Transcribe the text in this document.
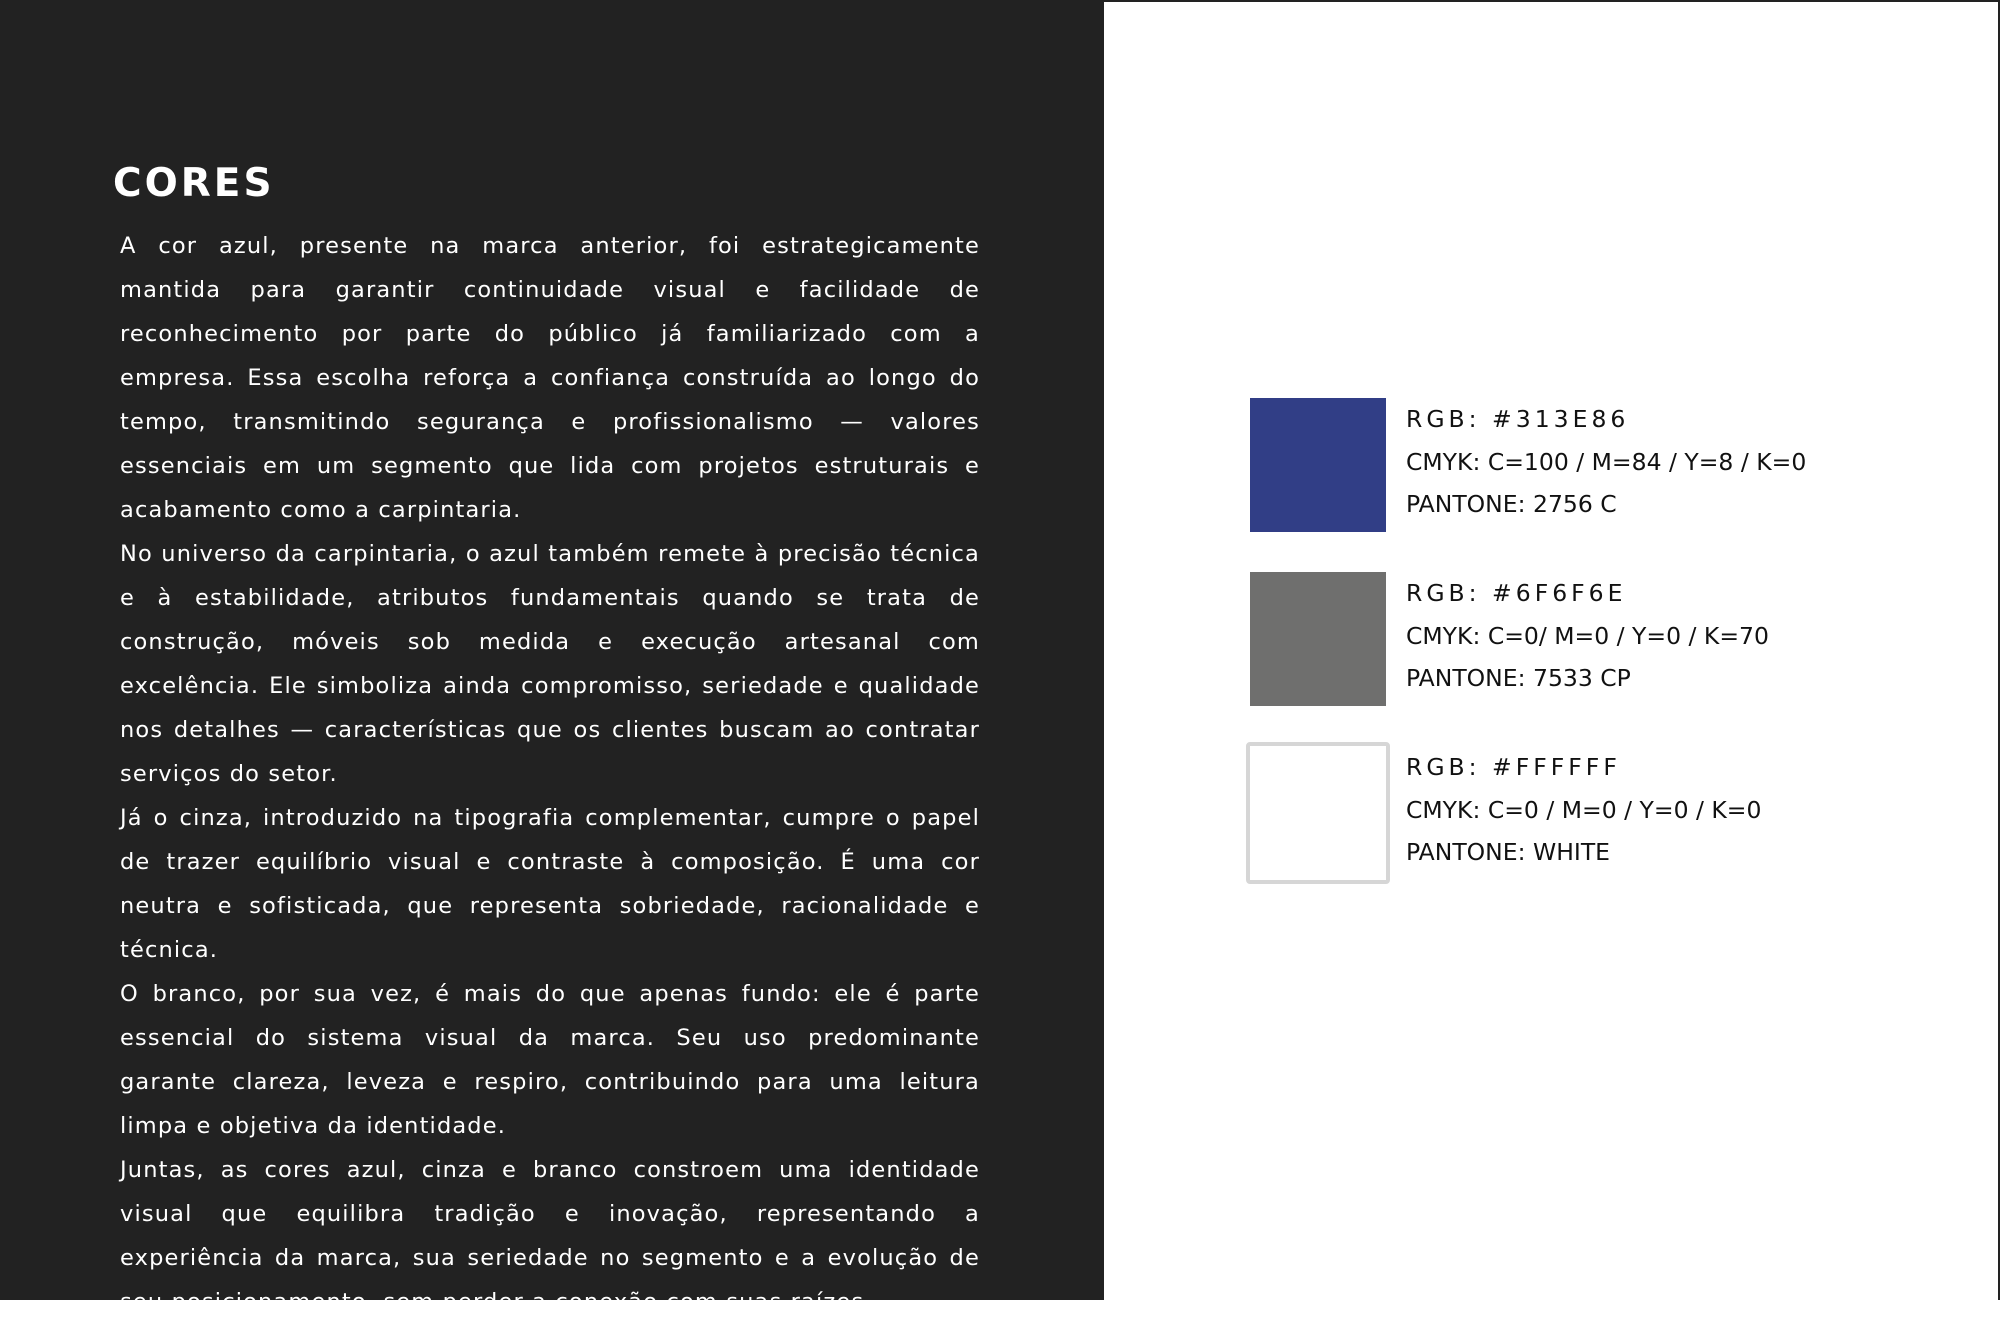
CORES

A cor azul, presente na marca anterior, foi estrategicamente mantida para garantir continuidade visual e facilidade de reconhecimento por parte do público já familiarizado com a empresa. Essa escolha reforça a confiança construída ao longo do tempo, transmitindo segurança e profissionalismo — valores essenciais em um segmento que lida com projetos estruturais e acabamento como a carpintaria.

No universo da carpintaria, o azul também remete à precisão técnica e à estabilidade, atributos fundamentais quando se trata de construção, móveis sob medida e execução artesanal com excelência. Ele simboliza ainda compromisso, seriedade e qualidade nos detalhes — características que os clientes buscam ao contratar serviços do setor.

Já o cinza, introduzido na tipografia complementar, cumpre o papel de trazer equilíbrio visual e contraste à composição. É uma cor neutra e sofisticada, que representa sobriedade, racionalidade e técnica.

O branco, por sua vez, é mais do que apenas fundo: ele é parte essencial do sistema visual da marca. Seu uso predominante garante clareza, leveza e respiro, contribuindo para uma leitura limpa e objetiva da identidade.

Juntas, as cores azul, cinza e branco constroem uma identidade visual que equilibra tradição e inovação, representando a experiência da marca, sua seriedade no segmento e a evolução de seu posicionamento, sem perder a conexão com suas raízes.

RGB: #313E86
CMYK: C=100 / M=84 / Y=8 / K=0
PANTONE: 2756 C
RGB: #6F6F6E
CMYK: C=0/ M=0 / Y=0 / K=70
PANTONE: 7533 CP
RGB: #FFFFFF
CMYK: C=0 / M=0 / Y=0 / K=0
PANTONE: WHITE
